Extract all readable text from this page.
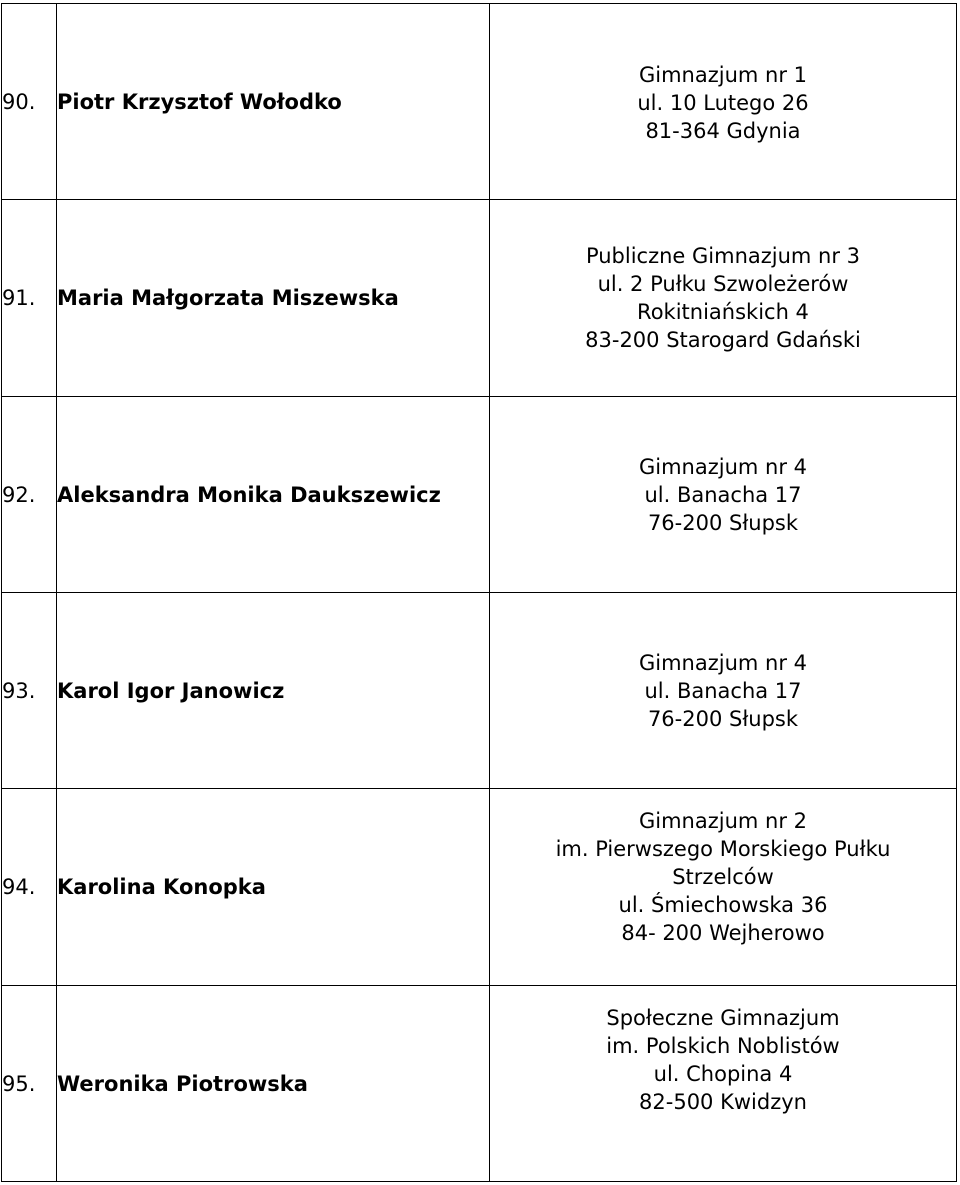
90.	Piotr Krzysztof Wołodko	Gimnazjum nr 1
ul. 10 Lutego 26
81-364 Gdynia

91.	Maria Małgorzata Miszewska	Publiczne Gimnazjum nr 3
ul. 2 Pułku Szwoleżerów
Rokitniańskich 4
83-200 Starogard Gdański

92.	Aleksandra Monika Daukszewicz	Gimnazjum nr 4
ul. Banacha 17
76-200 Słupsk

93.	Karol Igor Janowicz	Gimnazjum nr 4
ul. Banacha 17
76-200 Słupsk

94.	Karolina Konopka	Gimnazjum nr 2
im. Pierwszego Morskiego Pułku
Strzelców
ul. Śmiechowska 36
84- 200 Wejherowo

95.	Weronika Piotrowska	Społeczne Gimnazjum
im. Polskich Noblistów
ul. Chopina 4
82-500 Kwidzyn
